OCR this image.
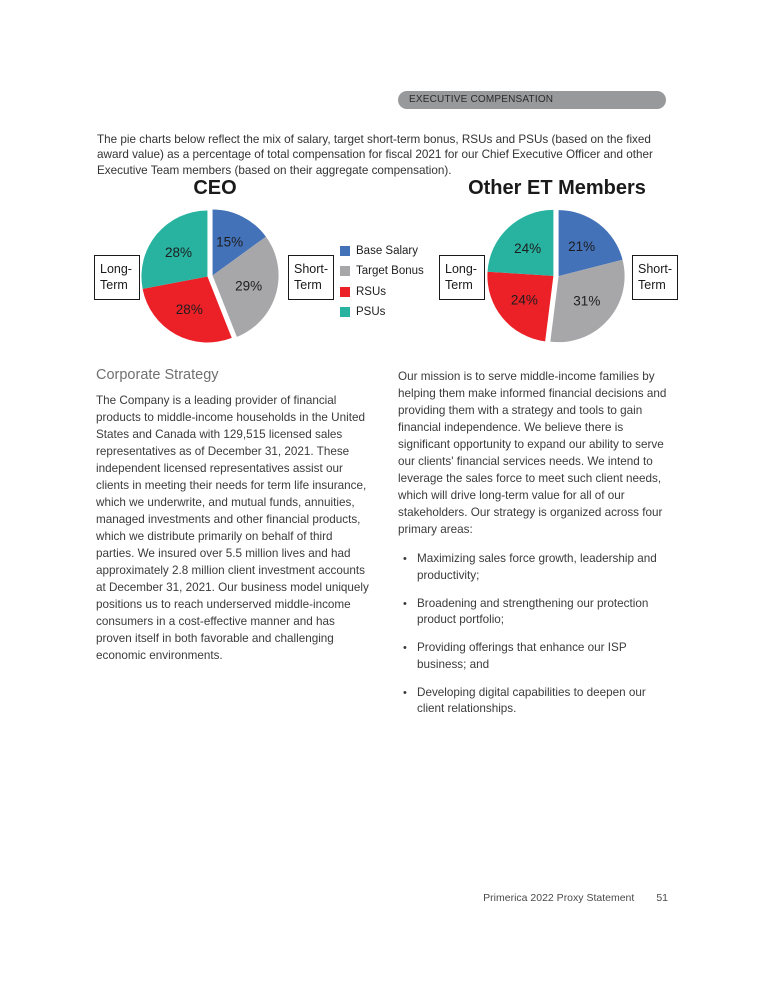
EXECUTIVE COMPENSATION

The pie charts below reflect the mix of salary, target short-term bonus, RSUs and PSUs (based on the fixed award value) as a percentage of total compensation for fiscal 2021 for our Chief Executive Officer and other Executive Team members (based on their aggregate compensation).

CEO	Other ET Members
15%
29%
28%
28%	21%
31%
24%
24%
Long-
Term
Short-
Term
Long-
Term
Short-
Term
Base Salary
Target Bonus
RSUs
PSUs
Corporate Strategy

The Company is a leading provider of financial products to middle-income households in the United States and Canada with 129,515 licensed sales representatives as of December 31, 2021. These independent licensed representatives assist our clients in meeting their needs for term life insurance, which we underwrite, and mutual funds, annuities, managed investments and other financial products, which we distribute primarily on behalf of third parties. We insured over 5.5 million lives and had approximately 2.8 million client investment accounts at December 31, 2021. Our business model uniquely positions us to reach underserved middle-income consumers in a cost-effective manner and has proven itself in both favorable and challenging economic environments.

Our mission is to serve middle-income families by helping them make informed financial decisions and providing them with a strategy and tools to gain financial independence. We believe there is significant opportunity to expand our ability to serve our clients' financial services needs. We intend to leverage the sales force to meet such client needs, which will drive long-term value for all of our stakeholders. Our strategy is organized across four primary areas:

• Maximizing sales force growth, leadership and productivity;
• Broadening and strengthening our protection product portfolio;
• Providing offerings that enhance our ISP business; and
• Developing digital capabilities to deepen our client relationships.
Primerica 2022 Proxy Statement 51
